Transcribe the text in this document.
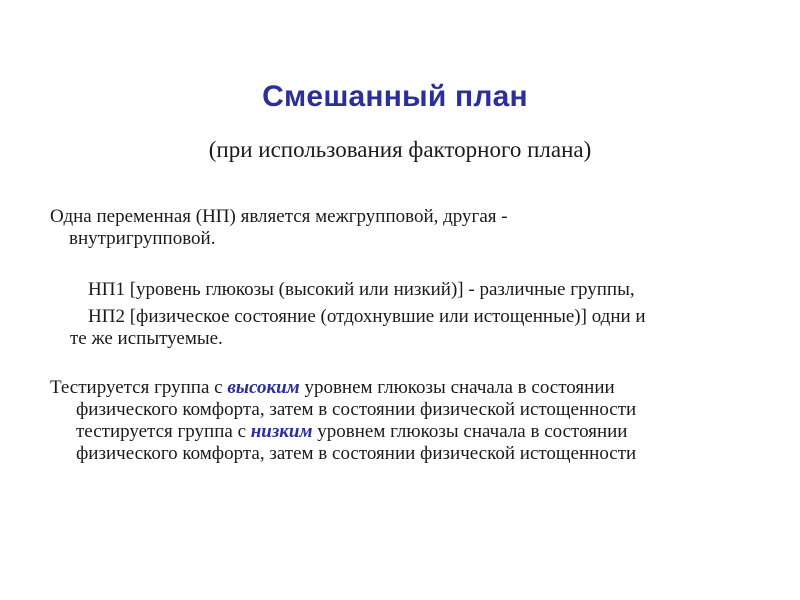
Смешанный план
(при использования факторного плана)
Одна переменная (НП) является межгрупповой, другая -
внутригрупповой.
НП1 [уровень глюкозы (высокий или низкий)] - различные группы,
НП2 [физическое состояние (отдохнувшие или истощенные)] одни и
те же испытуемые.
Тестируется группа с высоким уровнем глюкозы сначала в состоянии
физического комфорта, затем в состоянии физической истощенности
тестируется группа с низким уровнем глюкозы сначала в состоянии
физического комфорта, затем в состоянии физической истощенности
